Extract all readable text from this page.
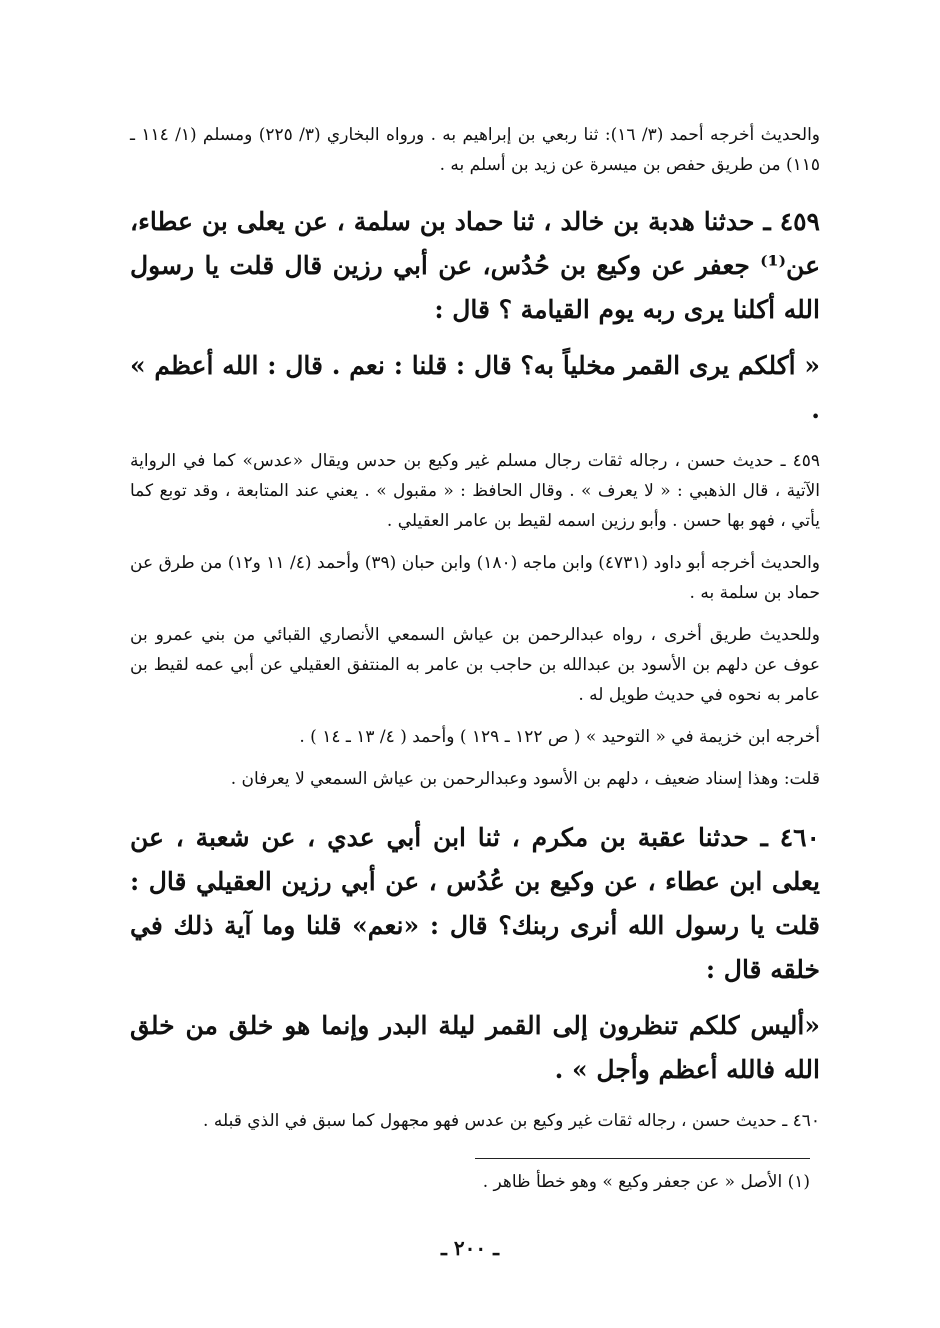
والحديث أخرجه أحمد (٣/ ١٦): ثنا ربعي بن إبراهيم به . ورواه البخاري (٣/ ٢٢٥) ومسلم (١/ ١١٤ ـ ١١٥) من طريق حفص بن ميسرة عن زيد بن أسلم به .

٤٥٩ ـ حدثنا هدبة بن خالد ، ثنا حماد بن سلمة ، عن يعلى بن عطاء، عن⁽¹⁾ جعفر عن وكيع بن حُدُس، عن أبي رزين قال قلت يا رسول الله أكلنا يرى ربه يوم القيامة ؟ قال :

« أكلكم يرى القمر مخلياً به؟ قال : قلنا : نعم . قال : الله أعظم » .

٤٥٩ ـ حديث حسن ، رجاله ثقات رجال مسلم غير وكيع بن حدس ويقال «عدس» كما في الرواية الآتية ، قال الذهبي : « لا يعرف » . وقال الحافظ : « مقبول » . يعني عند المتابعة ، وقد توبع كما يأتي ، فهو بها حسن . وأبو رزين اسمه لقيط بن عامر العقيلي .

والحديث أخرجه أبو داود (٤٧٣١) وابن ماجه (١٨٠) وابن حبان (٣٩) وأحمد (٤/ ١١ و١٢) من طرق عن حماد بن سلمة به .

وللحديث طريق أخرى ، رواه عبدالرحمن بن عياش السمعي الأنصاري القبائي من بني عمرو بن عوف عن دلهم بن الأسود بن عبدالله بن حاجب بن عامر به المنتفق العقيلي عن أبي عمه لقيط بن عامر به نحوه في حديث طويل له .

أخرجه ابن خزيمة في « التوحيد » ( ص ١٢٢ ـ ١٢٩ ) وأحمد ( ٤/ ١٣ ـ ١٤ ) .

قلت: وهذا إسناد ضعيف ، دلهم بن الأسود وعبدالرحمن بن عياش السمعي لا يعرفان .

٤٦٠ ـ حدثنا عقبة بن مكرم ، ثنا ابن أبي عدي ، عن شعبة ، عن يعلى ابن عطاء ، عن وكيع بن عُدُس ، عن أبي رزين العقيلي قال : قلت يا رسول الله أنرى ربنك؟ قال : «نعم» قلنا وما آية ذلك في خلقه قال :

«أليس كلكم تنظرون إلى القمر ليلة البدر وإنما هو خلق من خلق الله فالله أعظم وأجل » .

٤٦٠ ـ حديث حسن ، رجاله ثقات غير وكيع بن عدس فهو مجهول كما سبق في الذي قبله .

(١) الأصل « عن جعفر وكيع » وهو خطأ ظاهر .
ـ ٢٠٠ ـ
